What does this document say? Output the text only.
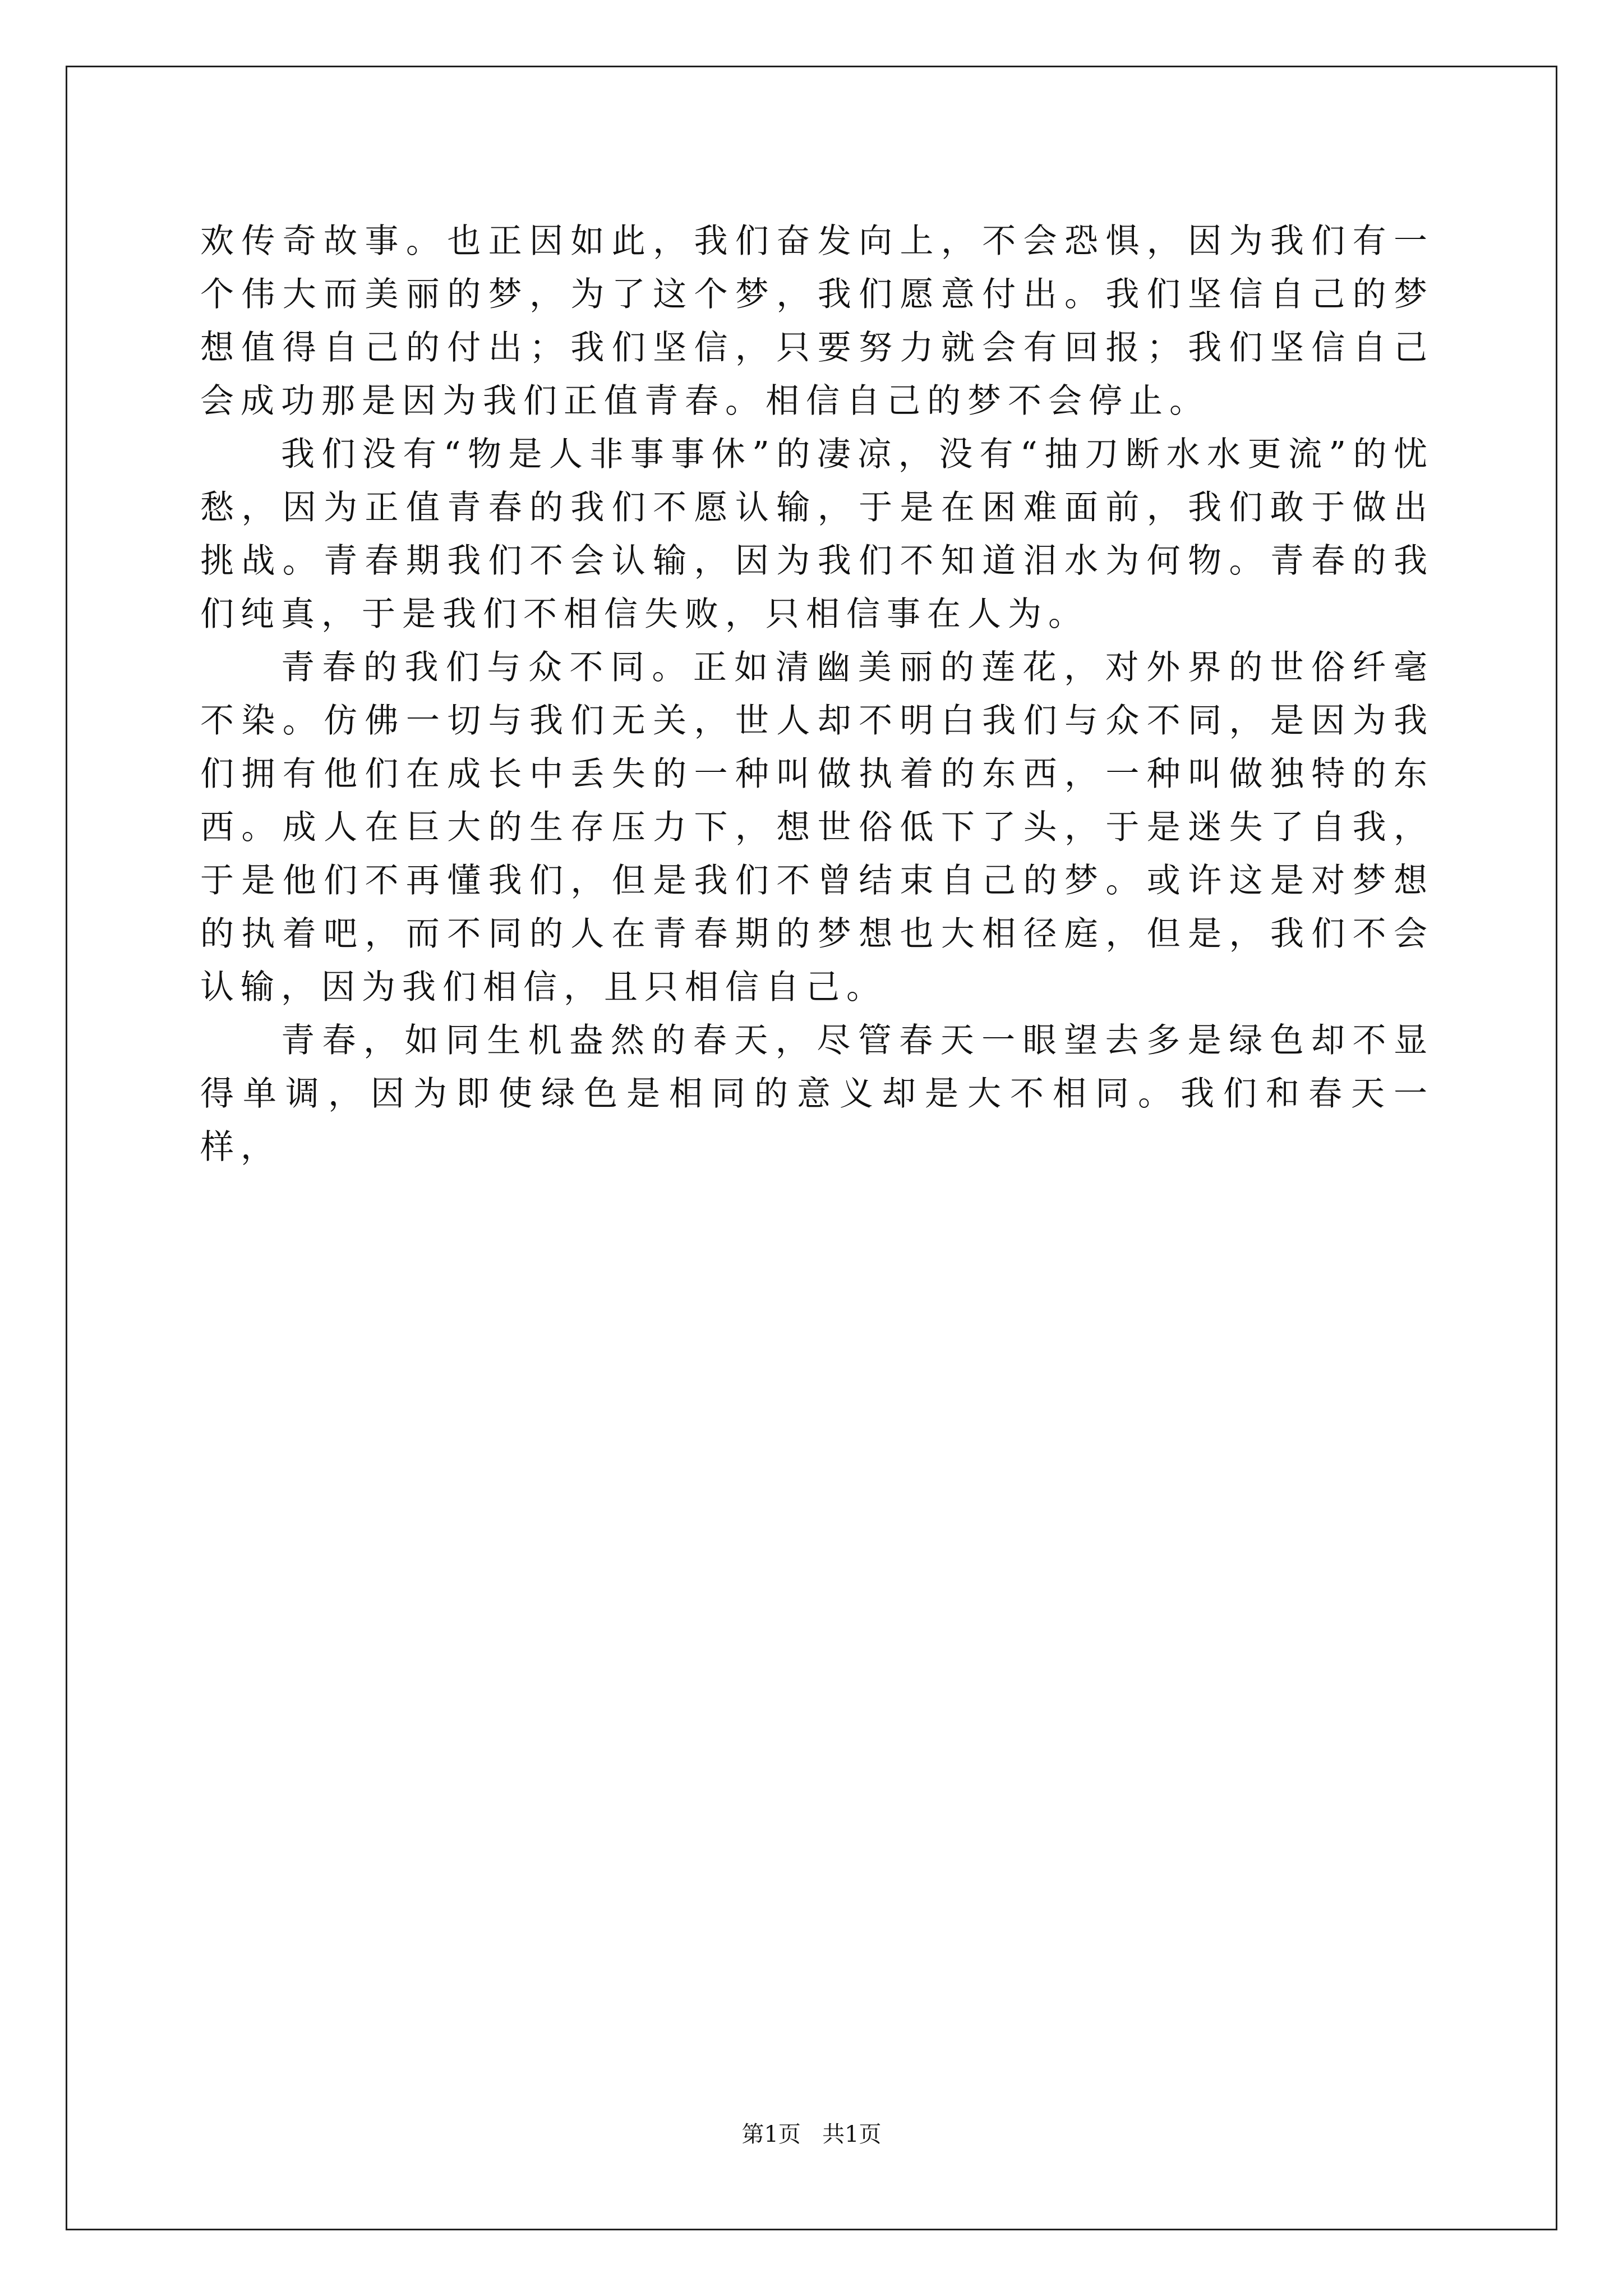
欢传奇故事。也正因如此，我们奋发向上，不会恐惧，因为我们有一个伟大而美丽的梦，为了这个梦，我们愿意付出。我们坚信自己的梦想值得自己的付出；我们坚信，只要努力就会有回报；我们坚信自己会成功那是因为我们正值青春。相信自己的梦不会停止。

我们没有“物是人非事事休”的凄凉，没有“抽刀断水水更流”的忧愁，因为正值青春的我们不愿认输，于是在困难面前，我们敢于做出挑战。青春期我们不会认输，因为我们不知道泪水为何物。青春的我们纯真，于是我们不相信失败，只相信事在人为。

青春的我们与众不同。正如清幽美丽的莲花，对外界的世俗纤毫不染。仿佛一切与我们无关，世人却不明白我们与众不同，是因为我们拥有他们在成长中丢失的一种叫做执着的东西，一种叫做独特的东西。成人在巨大的生存压力下，想世俗低下了头，于是迷失了自我，于是他们不再懂我们，但是我们不曾结束自己的梦。或许这是对梦想的执着吧，而不同的人在青春期的梦想也大相径庭，但是，我们不会认输，因为我们相信，且只相信自己。

青春，如同生机盎然的春天，尽管春天一眼望去多是绿色却不显得单调，因为即使绿色是相同的意义却是大不相同。我们和春天一样，

第1页 共1页
